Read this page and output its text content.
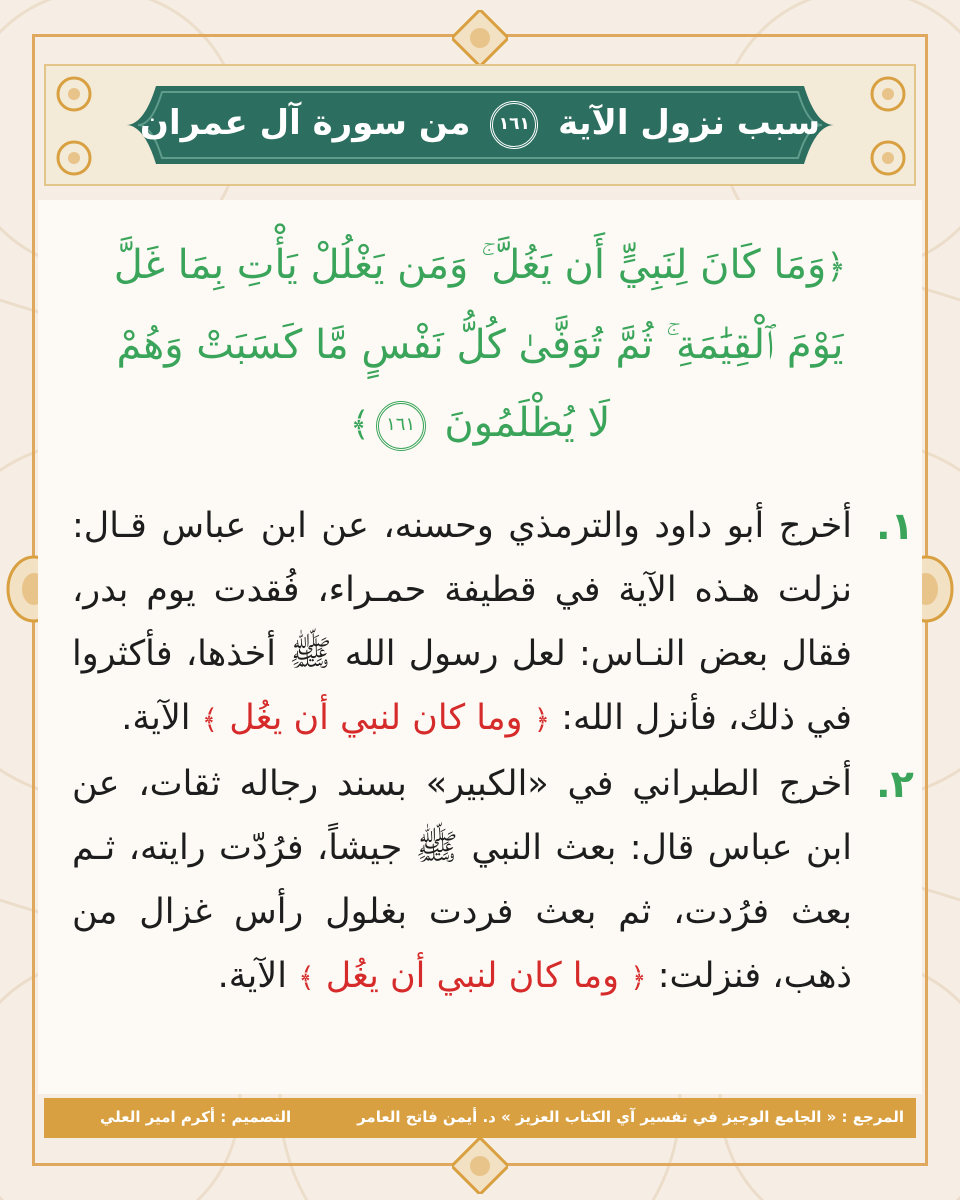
سبب نزول الآية ١٦١ من سورة آل عمران
﴿وَمَا كَانَ لِنَبِيٍّ أَن يَغُلَّ ۚ وَمَن يَغْلُلْ يَأْتِ بِمَا غَلَّ
يَوْمَ ٱلْقِيَٰمَةِ ۚ ثُمَّ تُوَفَّىٰ كُلُّ نَفْسٍ مَّا كَسَبَتْ وَهُمْ
لَا يُظْلَمُونَ ١٦١﴾
١.
أخرج أبو داود والترمذي وحسنه، عن ابن عباس قـال: نزلت هـذه الآية في قطيفة حمـراء، فُقدت يوم بدر، فقال بعض النـاس: لعل رسول الله ﷺ أخذها، فأكثروا في ذلك، فأنزل الله: ﴿ وما كان لنبي أن يغُل ﴾ الآية.
٢.
أخرج الطبراني في «الكبير» بسند رجاله ثقات، عن ابن عباس قال: بعث النبي ﷺ جيشاً، فرُدّت رايته، ثـم بعث فرُدت، ثم بعث فردت بغلول رأس غزال من ذهب، فنزلت: ﴿ وما كان لنبي أن يغُل ﴾ الآية.
المرجع : « الجامع الوجيز في تفسير آي الكتاب العزيز » د. أيمن فاتح العامر
التصميم : أكرم امير العلي
